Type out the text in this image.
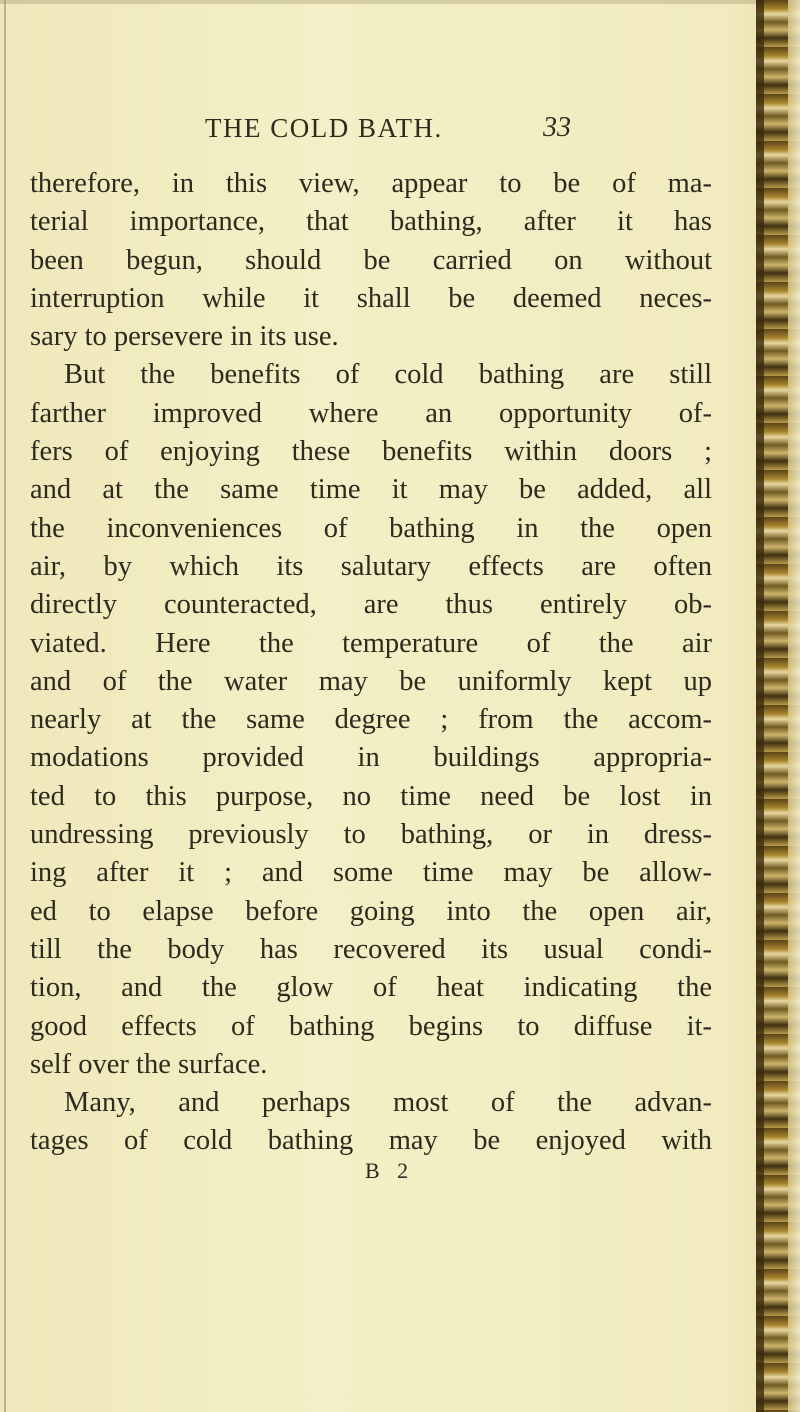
THE COLD BATH.	33
therefore, in this view, appear to be of ma-
terial importance, that bathing, after it has
been begun, should be carried on without
interruption while it shall be deemed neces-
sary to persevere in its use.
But the benefits of cold bathing are still
farther improved where an opportunity of-
fers of enjoying these benefits within doors ;
and at the same time it may be added, all
the inconveniences of bathing in the open
air, by which its salutary effects are often
directly counteracted, are thus entirely ob-
viated. Here the temperature of the air
and of the water may be uniformly kept up
nearly at the same degree ; from the accom-
modations provided in buildings appropria-
ted to this purpose, no time need be lost in
undressing previously to bathing, or in dress-
ing after it ; and some time may be allow-
ed to elapse before going into the open air,
till the body has recovered its usual condi-
tion, and the glow of heat indicating the
good effects of bathing begins to diffuse it-
self over the surface.
Many, and perhaps most of the advan-
tages of cold bathing may be enjoyed with
B 2
